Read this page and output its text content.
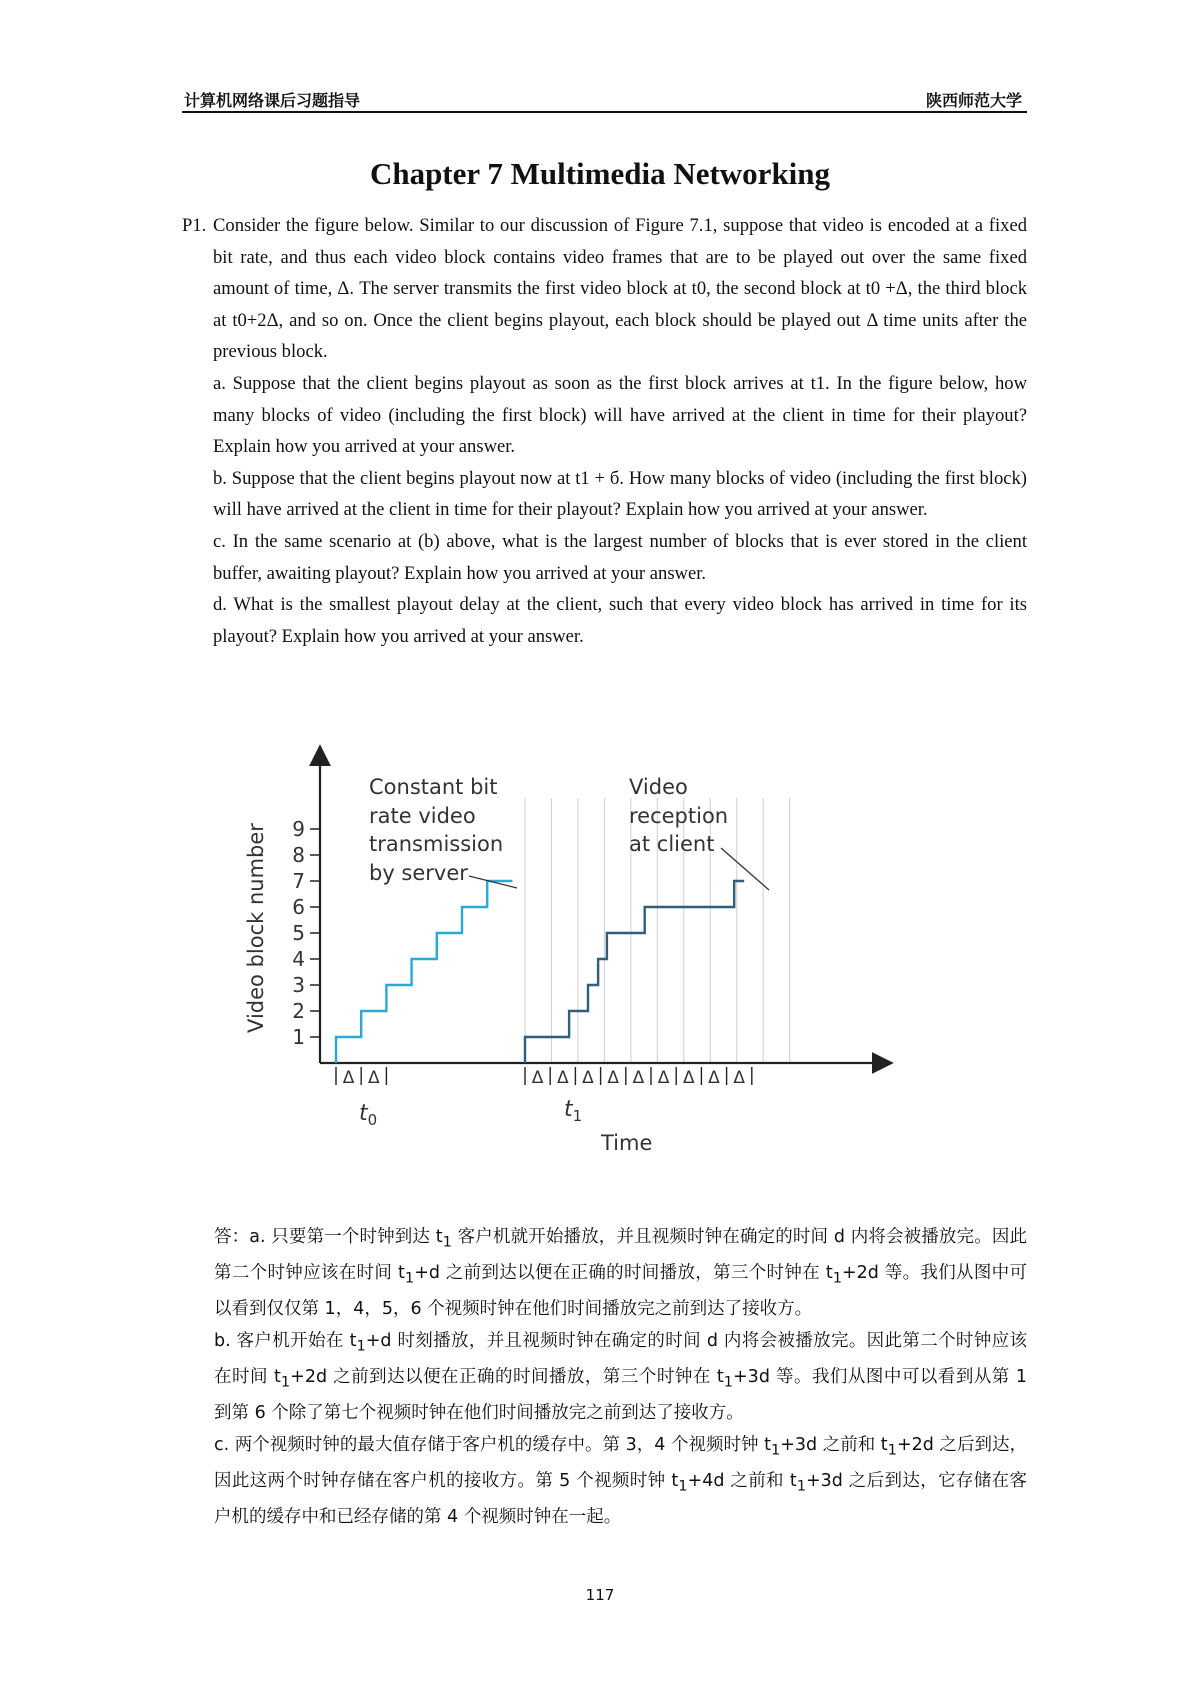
计算机网络课后习题指导	陕西师范大学
Chapter 7 Multimedia Networking
P1. Consider the figure below. Similar to our discussion of Figure 7.1, suppose that video is encoded at a fixed bit rate, and thus each video block contains video frames that are to be played out over the same fixed amount of time, Δ. The server transmits the first video block at t0, the second block at t0 +Δ, the third block at t0+2Δ, and so on. Once the client begins playout, each block should be played out Δ time units after the previous block.

a. Suppose that the client begins playout as soon as the first block arrives at t1. In the figure below, how many blocks of video (including the first block) will have arrived at the client in time for their playout? Explain how you arrived at your answer.

b. Suppose that the client begins playout now at t1 + б. How many blocks of video (including the first block) will have arrived at the client in time for their playout? Explain how you arrived at your answer.

c. In the same scenario at (b) above, what is the largest number of blocks that is ever stored in the client buffer, awaiting playout? Explain how you arrived at your answer.

d. What is the smallest playout delay at the client, such that every video block has arrived in time for its playout? Explain how you arrived at your answer.

1
2
3
4
5
6
7
8
9
Video block number
Δ Δ	Δ Δ Δ Δ Δ Δ Δ Δ Δ
Constant bit rate video transmission by server
Video reception at client
$t_0$	$t_1$
Time

答：a. 只要第一个时钟到达 $t_1$ 客户机就开始播放，并且视频时钟在确定的时间 d 内将会被播放完。因此第二个时钟应该在时间 $t_1+d$ 之前到达以便在正确的时间播放，第三个时钟在 $t_1+2d$ 等。我们从图中可以看到仅仅第 1，4，5，6 个视频时钟在他们时间播放完之前到达了接收方。

b. 客户机开始在 $t_1+d$ 时刻播放，并且视频时钟在确定的时间 d 内将会被播放完。因此第二个时钟应该在时间 $t_1+2d$ 之前到达以便在正确的时间播放，第三个时钟在 $t_1+3d$ 等。我们从图中可以看到从第 1 到第 6 个除了第七个视频时钟在他们时间播放完之前到达了接收方。

c. 两个视频时钟的最大值存储于客户机的缓存中。第 3，4 个视频时钟 $t_1+3d$ 之前和 $t_1+2d$ 之后到达，因此这两个时钟存储在客户机的接收方。第 5 个视频时钟 $t_1+4d$ 之前和 $t_1+3d$ 之后到达，它存储在客户机的缓存中和已经存储的第 4 个视频时钟在一起。

117
